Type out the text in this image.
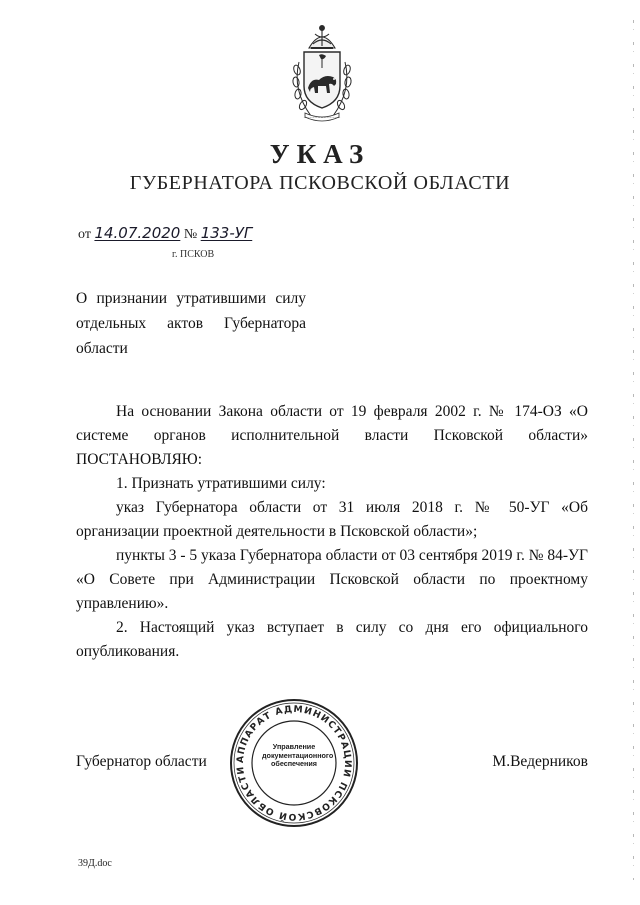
~~~~~~~~~~~~~
УКАЗ
ГУБЕРНАТОРА ПСКОВСКОЙ ОБЛАСТИ
от 14.07.2020 № 133-УГ
г. ПСКОВ
О признании утратившими силу
отдельных актов Губернатора
области

На основании Закона области от 19 февраля 2002 г. № 174-ОЗ «О системе органов исполнительной власти Псковской области» ПОСТАНОВЛЯЮ:

1. Признать утратившими силу:

указ Губернатора области от 31 июля 2018 г. № 50-УГ «Об организации проектной деятельности в Псковской области»;

пункты 3 - 5 указа Губернатора области от 03 сентября 2019 г. № 84-УГ «О Совете при Администрации Псковской области по проектному управлению».

2. Настоящий указ вступает в силу со дня его официального опубликования.

Губернатор области	М.Ведерников
АППАРАТ АДМИНИСТРАЦИИ ПСКОВСКОЙ ОБЛАСТИ
Управление
документационного
обеспечения
39Д.doc
